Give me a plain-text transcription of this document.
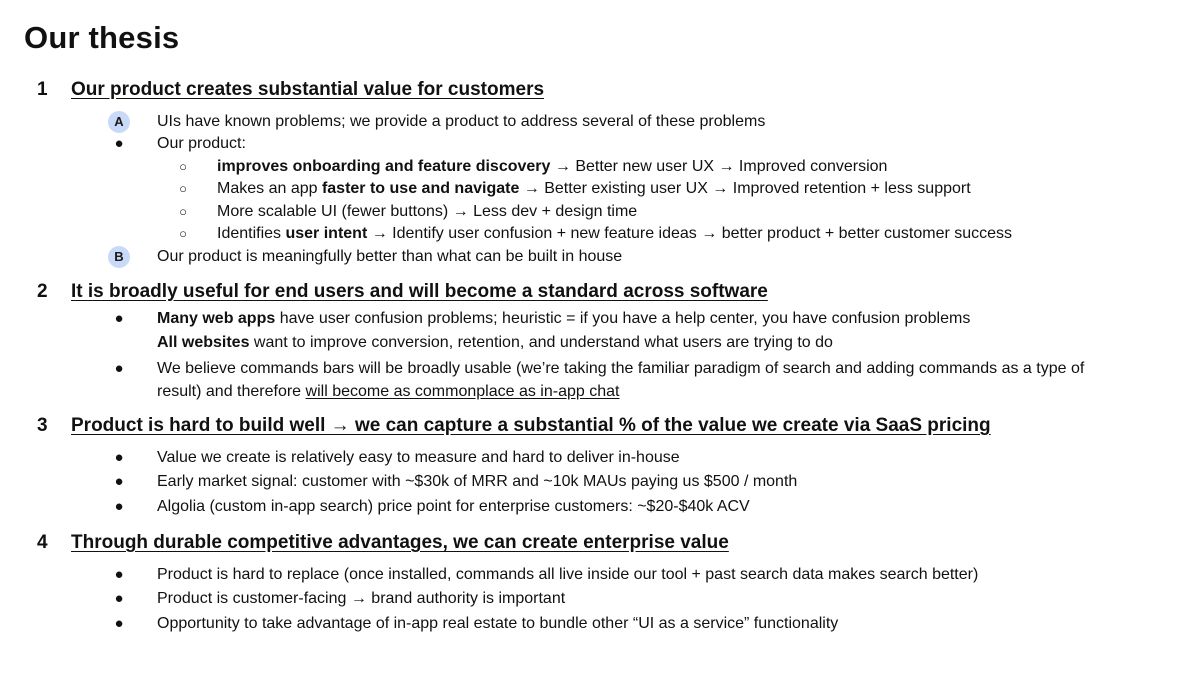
Our thesis
1 Our product creates substantial value for customers
A	UIs have known problems; we provide a product to address several of these problems
●	Our product:
○	improves onboarding and feature discovery → Better new user UX → Improved conversion
○	Makes an app faster to use and navigate → Better existing user UX → Improved retention + less support
○	More scalable UI (fewer buttons) → Less dev + design time
○	Identifies user intent → Identify user confusion + new feature ideas → better product + better customer success
B	Our product is meaningfully better than what can be built in house
2 It is broadly useful for end users and will become a standard across software
●	Many web apps have user confusion problems; heuristic = if you have a help center, you have confusion problems
All websites want to improve conversion, retention, and understand what users are trying to do
●	We believe commands bars will be broadly usable (we’re taking the familiar paradigm of search and adding commands as a type of
result) and therefore will become as commonplace as in-app chat
3 Product is hard to build well → we can capture a substantial % of the value we create via SaaS pricing
●	Value we create is relatively easy to measure and hard to deliver in-house
●	Early market signal: customer with ~$30k of MRR and ~10k MAUs paying us $500 / month
●	Algolia (custom in-app search) price point for enterprise customers: ~$20-$40k ACV
4 Through durable competitive advantages, we can create enterprise value
●	Product is hard to replace (once installed, commands all live inside our tool + past search data makes search better)
●	Product is customer-facing → brand authority is important
●	Opportunity to take advantage of in-app real estate to bundle other “UI as a service” functionality
